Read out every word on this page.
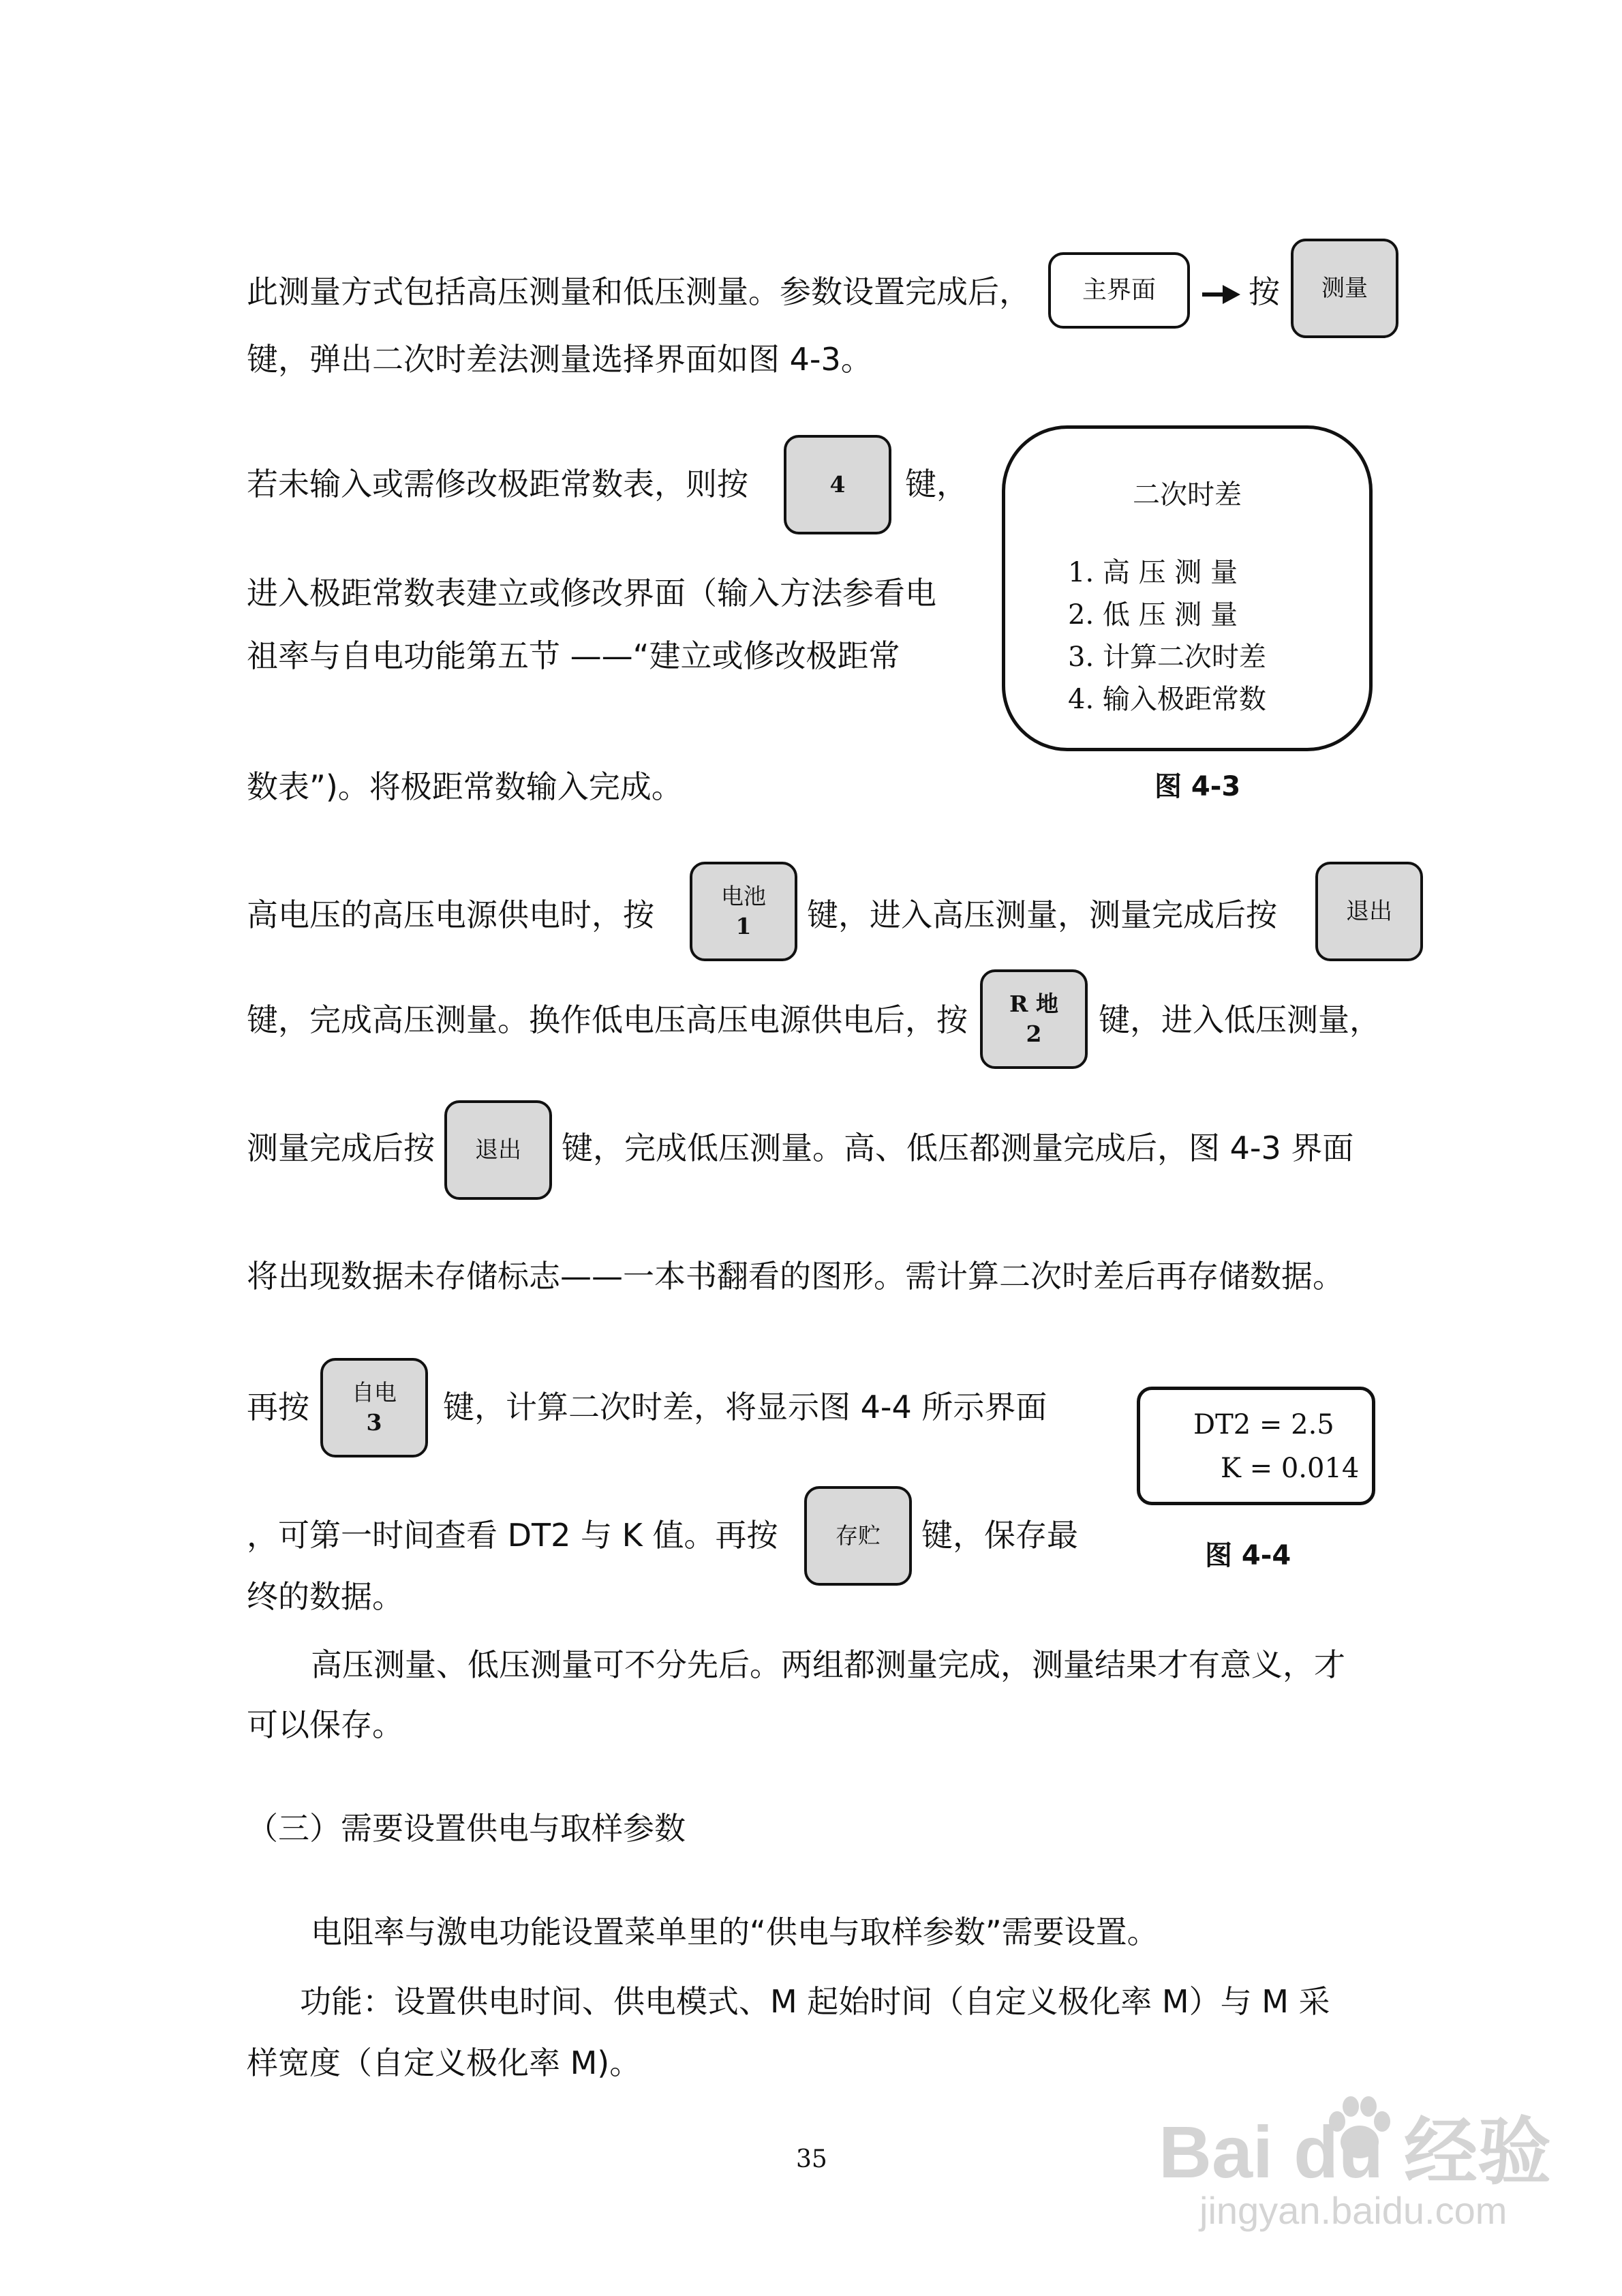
此测量方式包括高压测量和低压测量。参数设置完成后， 主界面	按 测量
键，弹出二次时差法测量选择界面如图 4-3。
若未输入或需修改极距常数表，则按	4 键，
进入极距常数表建立或修改界面（输入方法参看电
祖率与自电功能第五节 ——“建立或修改极距常
数表”)。将极距常数输入完成。
二次时差
1. 高 压 测 量
2. 低 压 测 量
3. 计算二次时差
4. 输入极距常数
图 4-3
高电压的高压电源供电时，按
电池
1 键，进入高压测量，测量完成后按	退出
键，完成高压测量。换作低电压高压电源供电后，按 R 地
2 键，进入低压测量，
测量完成后按 退出 键，完成低压测量。高、低压都测量完成后，图 4-3 界面
将出现数据未存储标志——一本书翻看的图形。需计算二次时差后再存储数据。
再按 自电
3 键，计算二次时差，将显示图 4-4 所示界面
，可第一时间查看 DT2 与 K 值。再按	存贮 键，保存最
终的数据。
DT2 = 2.5
K = 0.014
图 4-4
高压测量、低压测量可不分先后。两组都测量完成，测量结果才有意义，才
可以保存。
（三）需要设置供电与取样参数
电阻率与激电功能设置菜单里的“供电与取样参数”需要设置。
功能：设置供电时间、供电模式、M 起始时间（自定义极化率 M）与 M 采
样宽度（自定义极化率 M)。
35	Bai du 经验
jingyan.baidu.com
